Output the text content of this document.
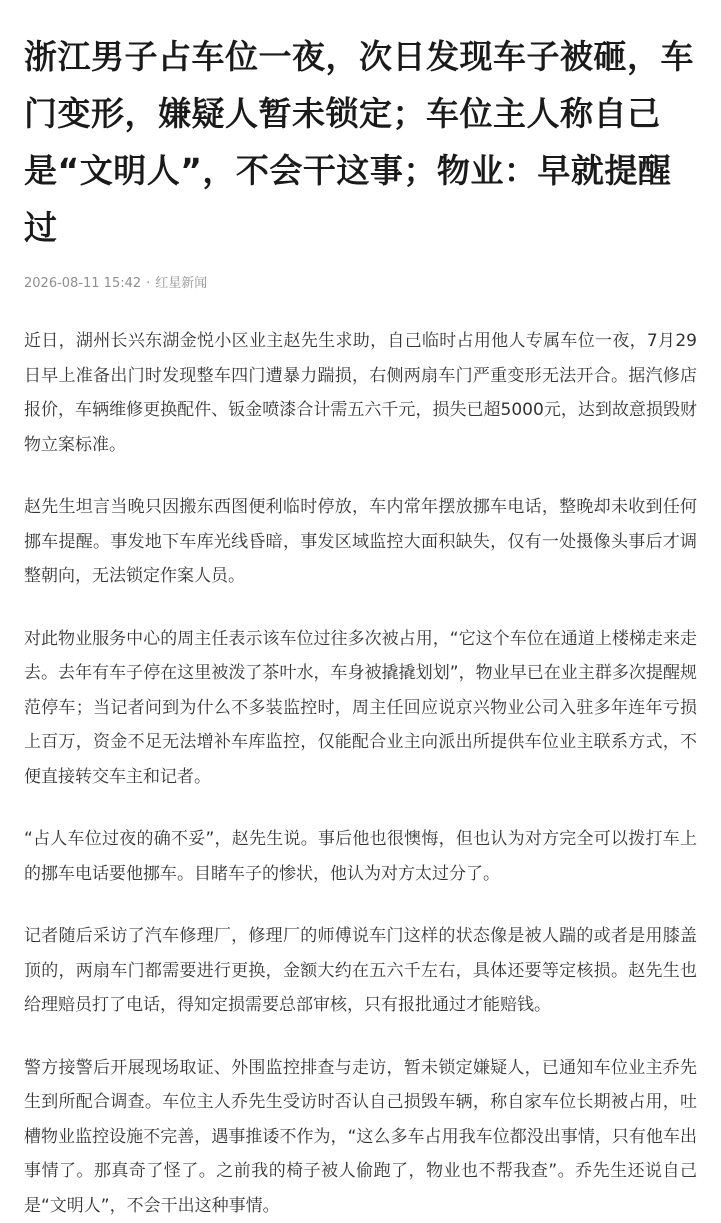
浙江男子占车位一夜，次日发现车子被砸，车门变形，嫌疑人暂未锁定；车位主人称自己是“文明人”，不会干这事；物业：早就提醒过
2026-08-11 15:42 · 红星新闻

近日，湖州长兴东湖金悦小区业主赵先生求助，自己临时占用他人专属车位一夜，7月29日早上准备出门时发现整车四门遭暴力踹损，右侧两扇车门严重变形无法开合。据汽修店报价，车辆维修更换配件、钣金喷漆合计需五六千元，损失已超5000元，达到故意损毁财物立案标准。

赵先生坦言当晚只因搬东西图便利临时停放，车内常年摆放挪车电话，整晚却未收到任何挪车提醒。事发地下车库光线昏暗，事发区域监控大面积缺失，仅有一处摄像头事后才调整朝向，无法锁定作案人员。

对此物业服务中心的周主任表示该车位过往多次被占用，“它这个车位在通道上楼梯走来走去。去年有车子停在这里被泼了茶叶水，车身被撬撬划划”，物业早已在业主群多次提醒规范停车；当记者问到为什么不多装监控时，周主任回应说京兴物业公司入驻多年连年亏损上百万，资金不足无法增补车库监控，仅能配合业主向派出所提供车位业主联系方式，不便直接转交车主和记者。

“占人车位过夜的确不妥”，赵先生说。事后他也很懊悔，但也认为对方完全可以拨打车上的挪车电话要他挪车。目睹车子的惨状，他认为对方太过分了。

记者随后采访了汽车修理厂，修理厂的师傅说车门这样的状态像是被人踹的或者是用膝盖顶的，两扇车门都需要进行更换，金额大约在五六千左右，具体还要等定核损。赵先生也给理赔员打了电话，得知定损需要总部审核，只有报批通过才能赔钱。

警方接警后开展现场取证、外围监控排查与走访，暂未锁定嫌疑人，已通知车位业主乔先生到所配合调查。车位主人乔先生受访时否认自己损毁车辆，称自家车位长期被占用，吐槽物业监控设施不完善，遇事推诿不作为，“这么多车占用我车位都没出事情，只有他车出事情了。那真奇了怪了。之前我的椅子被人偷跑了，物业也不帮我查”。乔先生还说自己是“文明人”，不会干出这种事情。
